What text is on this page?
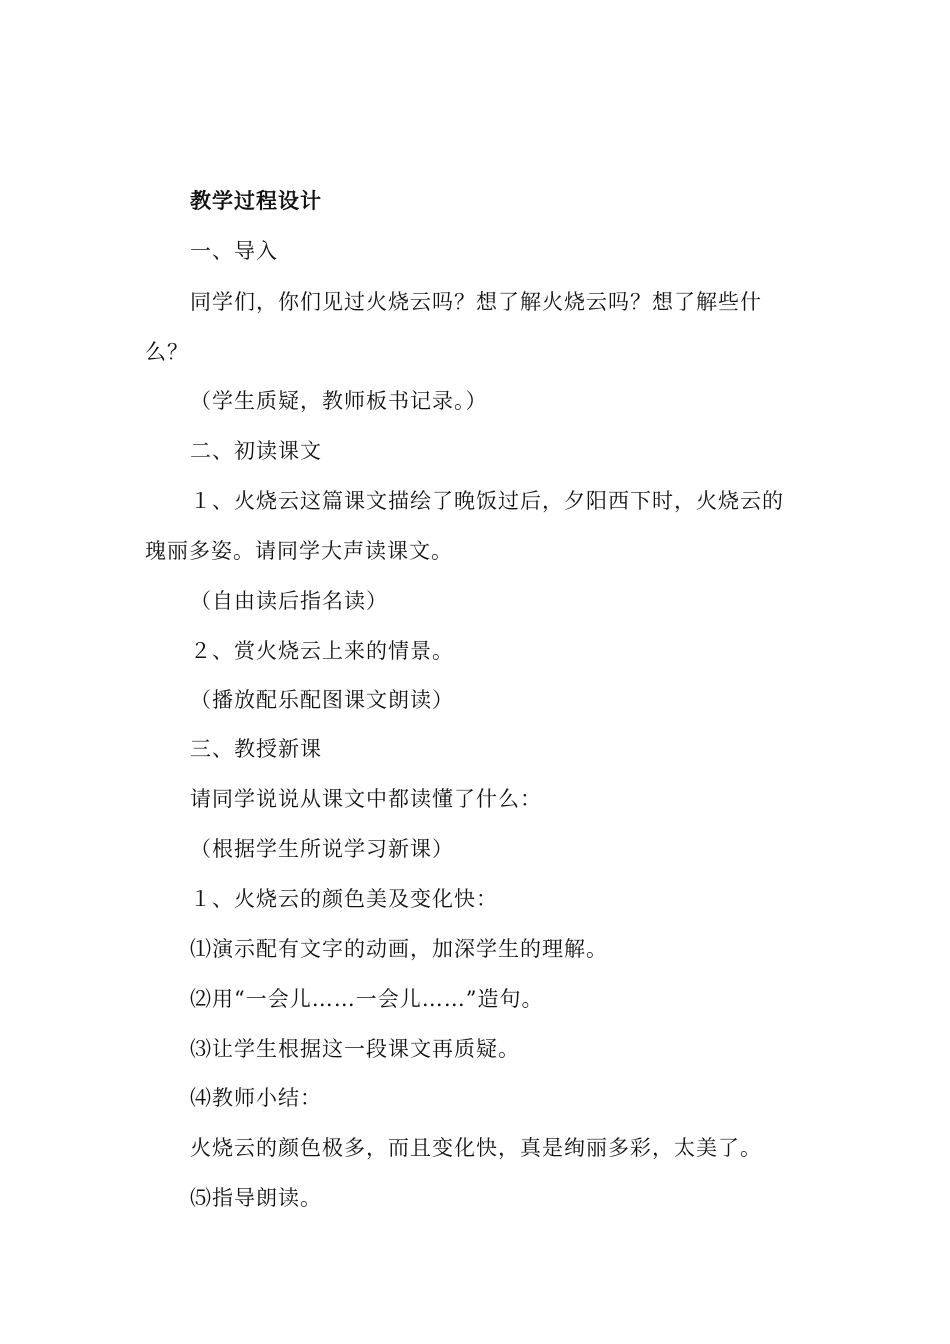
教学过程设计
一、导入
同学们，你们见过火烧云吗？想了解火烧云吗？想了解些什
么？
（学生质疑，教师板书记录。）
二、初读课文
１、火烧云这篇课文描绘了晚饭过后，夕阳西下时，火烧云的
瑰丽多姿。请同学大声读课文。
（自由读后指名读）
２、赏火烧云上来的情景。
（播放配乐配图课文朗读）
三、教授新课
请同学说说从课文中都读懂了什么：
（根据学生所说学习新课）
１、火烧云的颜色美及变化快：
⑴演示配有文字的动画，加深学生的理解。
⑵用“一会儿……一会儿……”造句。
⑶让学生根据这一段课文再质疑。
⑷教师小结：
火烧云的颜色极多，而且变化快，真是绚丽多彩，太美了。
⑸指导朗读。
